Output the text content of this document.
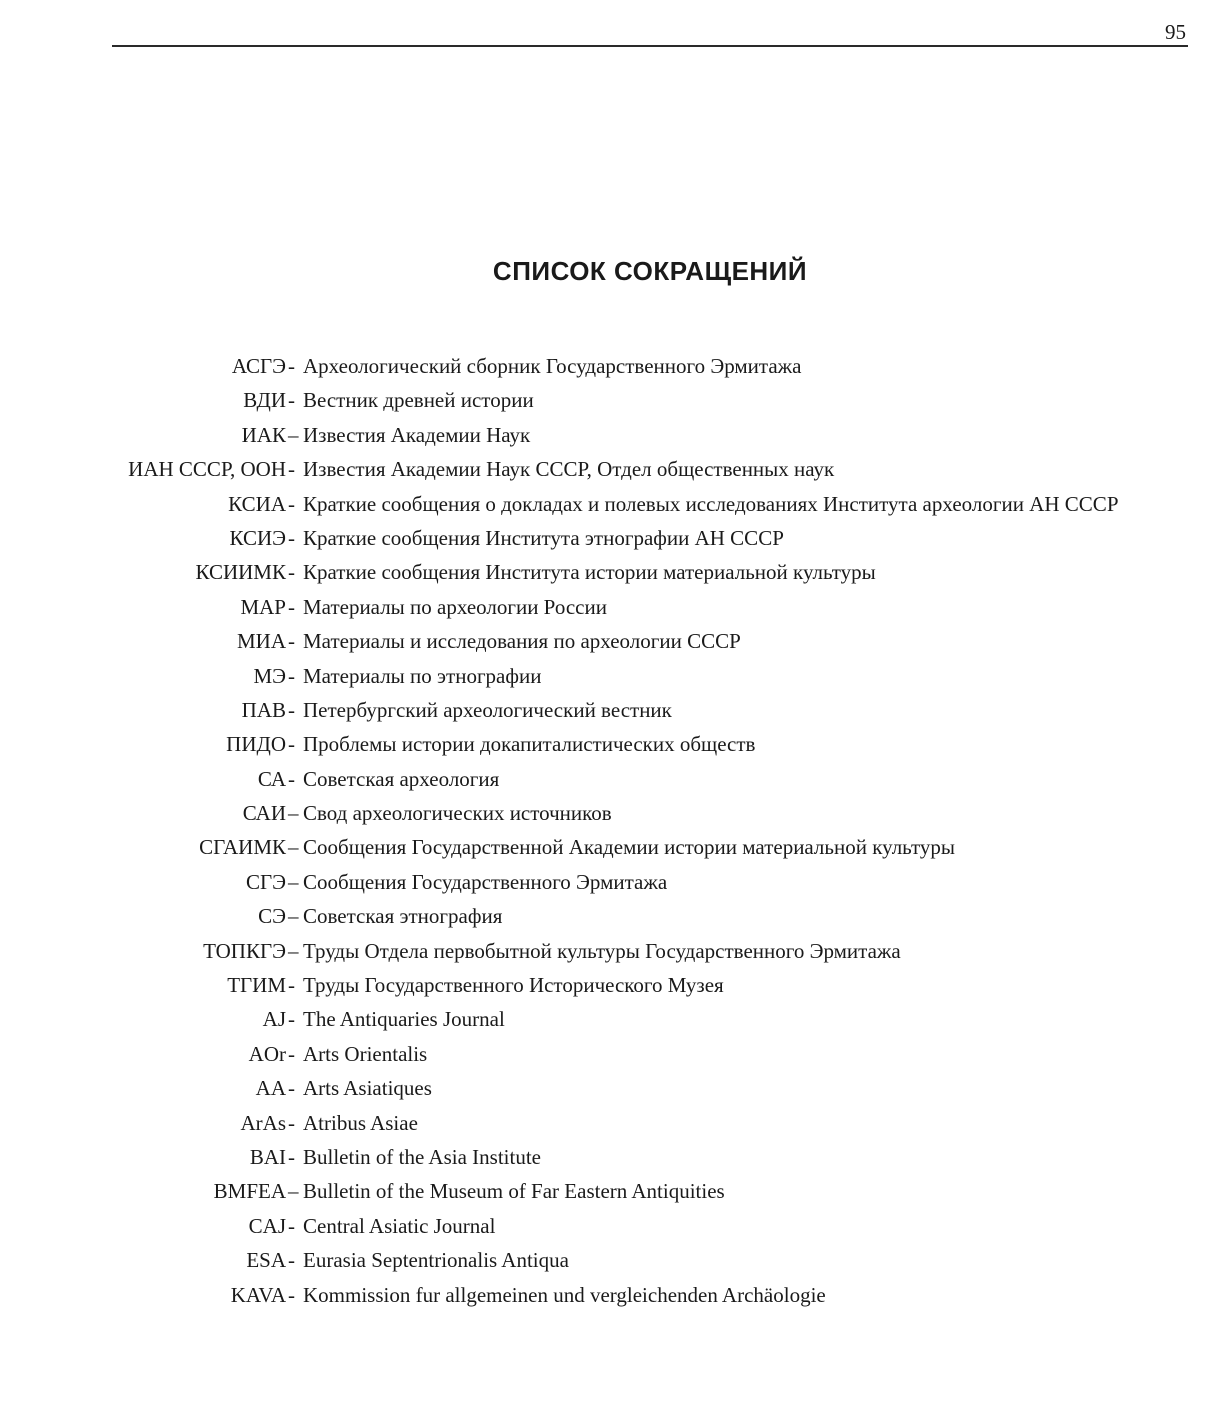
95
СПИСОК СОКРАЩЕНИЙ
АСГЭ - Археологический сборник Государственного Эрмитажа
ВДИ - Вестник древней истории
ИАК – Известия Академии Наук
ИАН СССР, ООН - Известия Академии Наук СССР, Отдел общественных наук
КСИА - Краткие сообщения о докладах и полевых исследованиях Института археологии АН СССР
КСИЭ - Краткие сообщения Института этнографии АН СССР
КСИИМК - Краткие сообщения Института истории материальной культуры
МАР - Материалы по археологии России
МИА - Материалы и исследования по археологии СССР
МЭ - Материалы по этнографии
ПАВ - Петербургский археологический вестник
ПИДО - Проблемы истории докапиталистических обществ
СА - Советская археология
САИ – Свод археологических источников
СГАИМК – Сообщения Государственной Академии истории материальной культуры
СГЭ – Сообщения Государственного Эрмитажа
СЭ – Советская этнография
ТОПКГЭ – Труды Отдела первобытной культуры Государственного Эрмитажа
ТГИМ - Труды Государственного Исторического Музея
AJ - The Antiquaries Journal
AOr - Arts Orientalis
AA - Arts Asiatiques
ArAs - Atribus Asiae
BAI - Bulletin of the Asia Institute
BMFEA – Bulletin of the Museum of Far Eastern Antiquities
CAJ - Central Asiatic Journal
ESA - Eurasia Septentrionalis Antiqua
KAVA - Kommission fur allgemeinen und vergleichenden Archäologie
